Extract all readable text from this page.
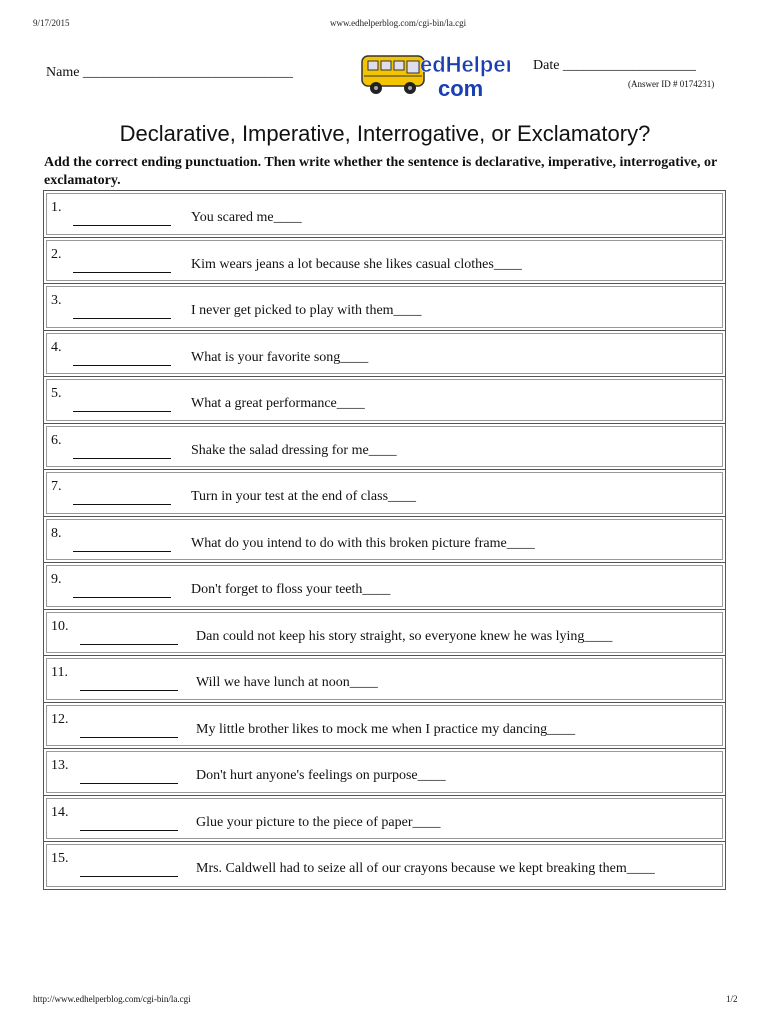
9/17/2015	www.edhelperblog.com/cgi-bin/la.cgi
Name ______________________________	edHelper.
com
Date ___________________
(Answer ID # 0174231)
Declarative, Imperative, Interrogative, or Exclamatory?
Add the correct ending punctuation. Then write whether the sentence is declarative, imperative, interrogative, or exclamatory.
1.
You scared me____
2.
Kim wears jeans a lot because she likes casual clothes____
3.
I never get picked to play with them____
4.
What is your favorite song____
5.
What a great performance____
6.
Shake the salad dressing for me____
7.
Turn in your test at the end of class____
8.
What do you intend to do with this broken picture frame____
9.
Don't forget to floss your teeth____
10.
Dan could not keep his story straight, so everyone knew he was lying____
11.
Will we have lunch at noon____
12.
My little brother likes to mock me when I practice my dancing____
13.
Don't hurt anyone's feelings on purpose____
14.
Glue your picture to the piece of paper____
15.
Mrs. Caldwell had to seize all of our crayons because we kept breaking them____
http://www.edhelperblog.com/cgi-bin/la.cgi	1/2
